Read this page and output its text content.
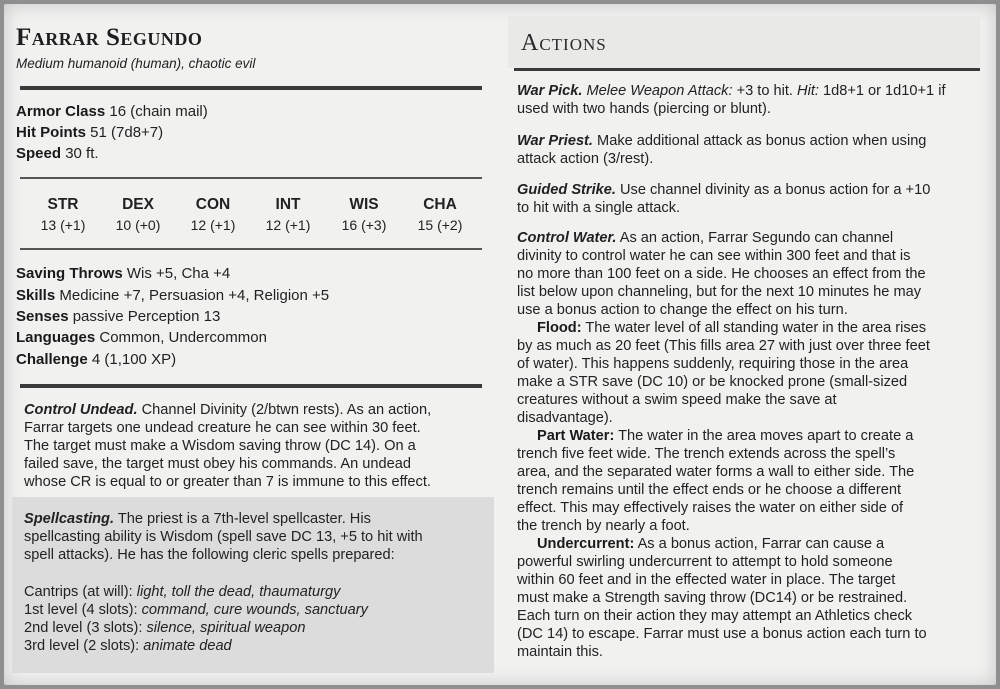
Farrar Segundo
Medium humanoid (human), chaotic evil
Armor Class 16 (chain mail)
Hit Points 51 (7d8+7)
Speed 30 ft.
STR
13 (+1)
DEX
10 (+0)
CON
12 (+1)
INT
12 (+1)
WIS
16 (+3)
CHA
15 (+2)
Saving Throws Wis +5, Cha +4
Skills Medicine +7, Persuasion +4, Religion +5
Senses passive Perception 13
Languages Common, Undercommon
Challenge 4 (1,100 XP)
Control Undead. Channel Divinity (2/btwn rests). As an action,
Farrar targets one undead creature he can see within 30 feet.
The target must make a Wisdom saving throw (DC 14). On a
failed save, the target must obey his commands. An undead
whose CR is equal to or greater than 7 is immune to this effect.
Spellcasting. The priest is a 7th-level spellcaster. His
spellcasting ability is Wisdom (spell save DC 13, +5 to hit with
spell attacks). He has the following cleric spells prepared:
Cantrips (at will): light, toll the dead, thaumaturgy
1st level (4 slots): command, cure wounds, sanctuary
2nd level (3 slots): silence, spiritual weapon
3rd level (2 slots): animate dead
Actions
War Pick. Melee Weapon Attack: +3 to hit. Hit: 1d8+1 or 1d10+1 if
used with two hands (piercing or blunt).
War Priest. Make additional attack as bonus action when using
attack action (3/rest).
Guided Strike. Use channel divinity as a bonus action for a +10
to hit with a single attack.
Control Water. As an action, Farrar Segundo can channel
divinity to control water he can see within 300 feet and that is
no more than 100 feet on a side. He chooses an effect from the
list below upon channeling, but for the next 10 minutes he may
use a bonus action to change the effect on his turn.
Flood: The water level of all standing water in the area rises
by as much as 20 feet (This fills area 27 with just over three feet
of water). This happens suddenly, requiring those in the area
make a STR save (DC 10) or be knocked prone (small-sized
creatures without a swim speed make the save at
disadvantage).
Part Water: The water in the area moves apart to create a
trench five feet wide. The trench extends across the spell’s
area, and the separated water forms a wall to either side. The
trench remains until the effect ends or he choose a different
effect. This may effectively raises the water on either side of
the trench by nearly a foot.
Undercurrent: As a bonus action, Farrar can cause a
powerful swirling undercurrent to attempt to hold someone
within 60 feet and in the effected water in place. The target
must make a Strength saving throw (DC14) or be restrained.
Each turn on their action they may attempt an Athletics check
(DC 14) to escape. Farrar must use a bonus action each turn to
maintain this.
